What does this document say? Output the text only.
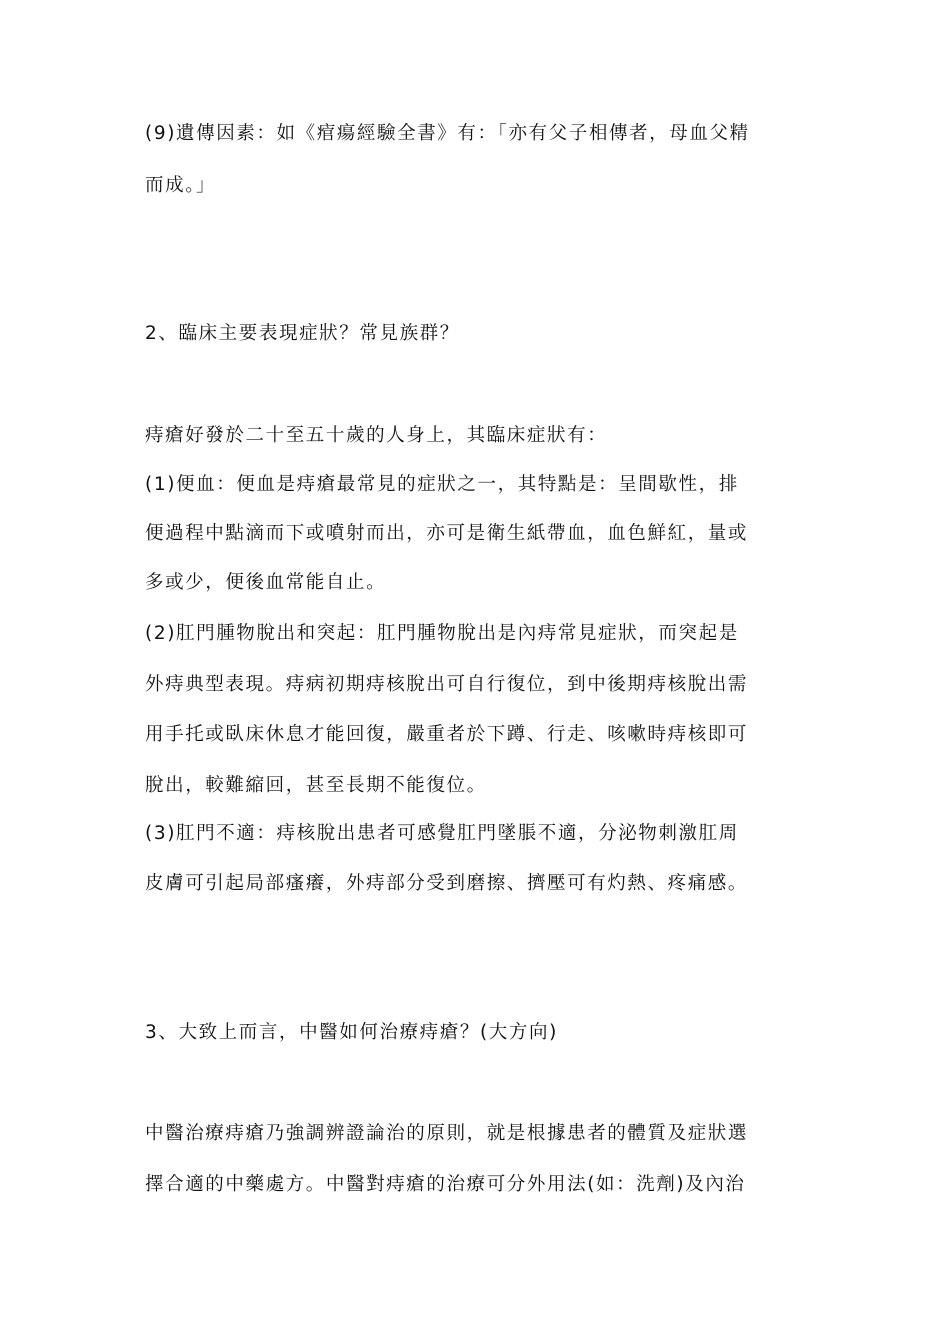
(9)遺傳因素：如《痯瘍經驗全書》有：「亦有父子相傳者，母血父精
而成。」
2、臨床主要表現症狀？常見族群？
痔瘡好發於二十至五十歲的人身上，其臨床症狀有：
(1)便血：便血是痔瘡最常見的症狀之一，其特點是：呈間歇性，排
便過程中點滴而下或噴射而出，亦可是衛生紙帶血，血色鮮紅，量或
多或少，便後血常能自止。
(2)肛門腫物脫出和突起：肛門腫物脫出是內痔常見症狀，而突起是
外痔典型表現。痔病初期痔核脫出可自行復位，到中後期痔核脫出需
用手托或臥床休息才能回復，嚴重者於下蹲、行走、咳嗽時痔核即可
脫出，較難縮回，甚至長期不能復位。
(3)肛門不適：痔核脫出患者可感覺肛門墜脹不適，分泌物刺激肛周
皮膚可引起局部瘙癢，外痔部分受到磨擦、擠壓可有灼熱、疼痛感。
3、大致上而言，中醫如何治療痔瘡？(大方向)
中醫治療痔瘡乃強調辨證論治的原則，就是根據患者的體質及症狀選
擇合適的中藥處方。中醫對痔瘡的治療可分外用法(如：洗劑)及內治
